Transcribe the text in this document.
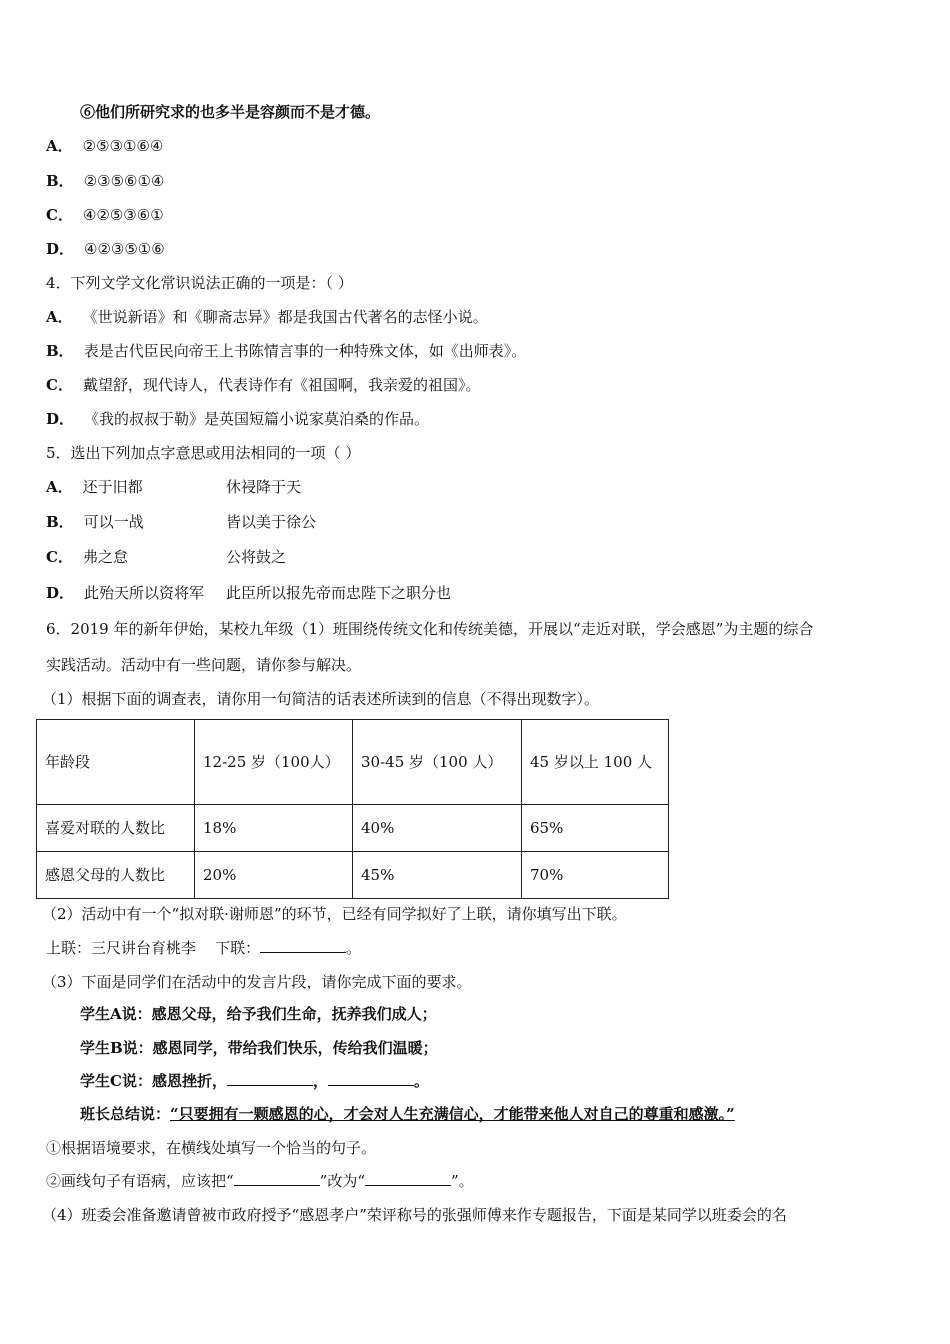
⑥他们所研究求的也多半是容颜而不是才德。
A． ②⑤③①⑥④
B． ②③⑤⑥①④
C． ④②⑤③⑥①
D． ④②③⑤①⑥
4．下列文学文化常识说法正确的一项是：（ ）
A． 《世说新语》和《聊斋志异》都是我国古代著名的志怪小说。
B． 表是古代臣民向帝王上书陈情言事的一种特殊文体，如《出师表》。
C． 戴望舒，现代诗人，代表诗作有《祖国啊，我亲爱的祖国》。
D． 《我的叔叔于勒》是英国短篇小说家莫泊桑的作品。
5．选出下列加点字意思或用法相同的一项（ ）
A． 还于旧都	休祲降于天
B． 可以一战	皆以美于徐公
C． 弗之怠	公将鼓之
D． 此殆天所以资将军 此臣所以报先帝而忠陛下之职分也
6．2019 年的新年伊始，某校九年级（1）班围绕传统文化和传统美德，开展以“走近对联，学会感恩”为主题的综合
实践活动。活动中有一些问题，请你参与解决。
（1）根据下面的调查表，请你用一句简洁的话表述所读到的信息（不得出现数字）。
年龄段	12-25 岁（100人）	30-45 岁（100 人）	45 岁以上 100 人
喜爱对联的人数比	18%	40%	65%
感恩父母的人数比	20%	45%	70%
（2）活动中有一个“拟对联·谢师恩”的环节，已经有同学拟好了上联，请你填写出下联。
上联：三尺讲台育桃李 下联：	。
（3）下面是同学们在活动中的发言片段，请你完成下面的要求。
学生A说：感恩父母，给予我们生命，抚养我们成人；
学生B说：感恩同学，带给我们快乐，传给我们温暖；
学生C说：感恩挫折，	，	。
班长总结说：“只要拥有一颗感恩的心，才会对人生充满信心，才能带来他人对自己的尊重和感激。”
①根据语境要求，在横线处填写一个恰当的句子。
②画线句子有语病，应该把“	”改为“	”。
（4）班委会准备邀请曾被市政府授予“感恩孝户”荣评称号的张强师傅来作专题报告，下面是某同学以班委会的名
